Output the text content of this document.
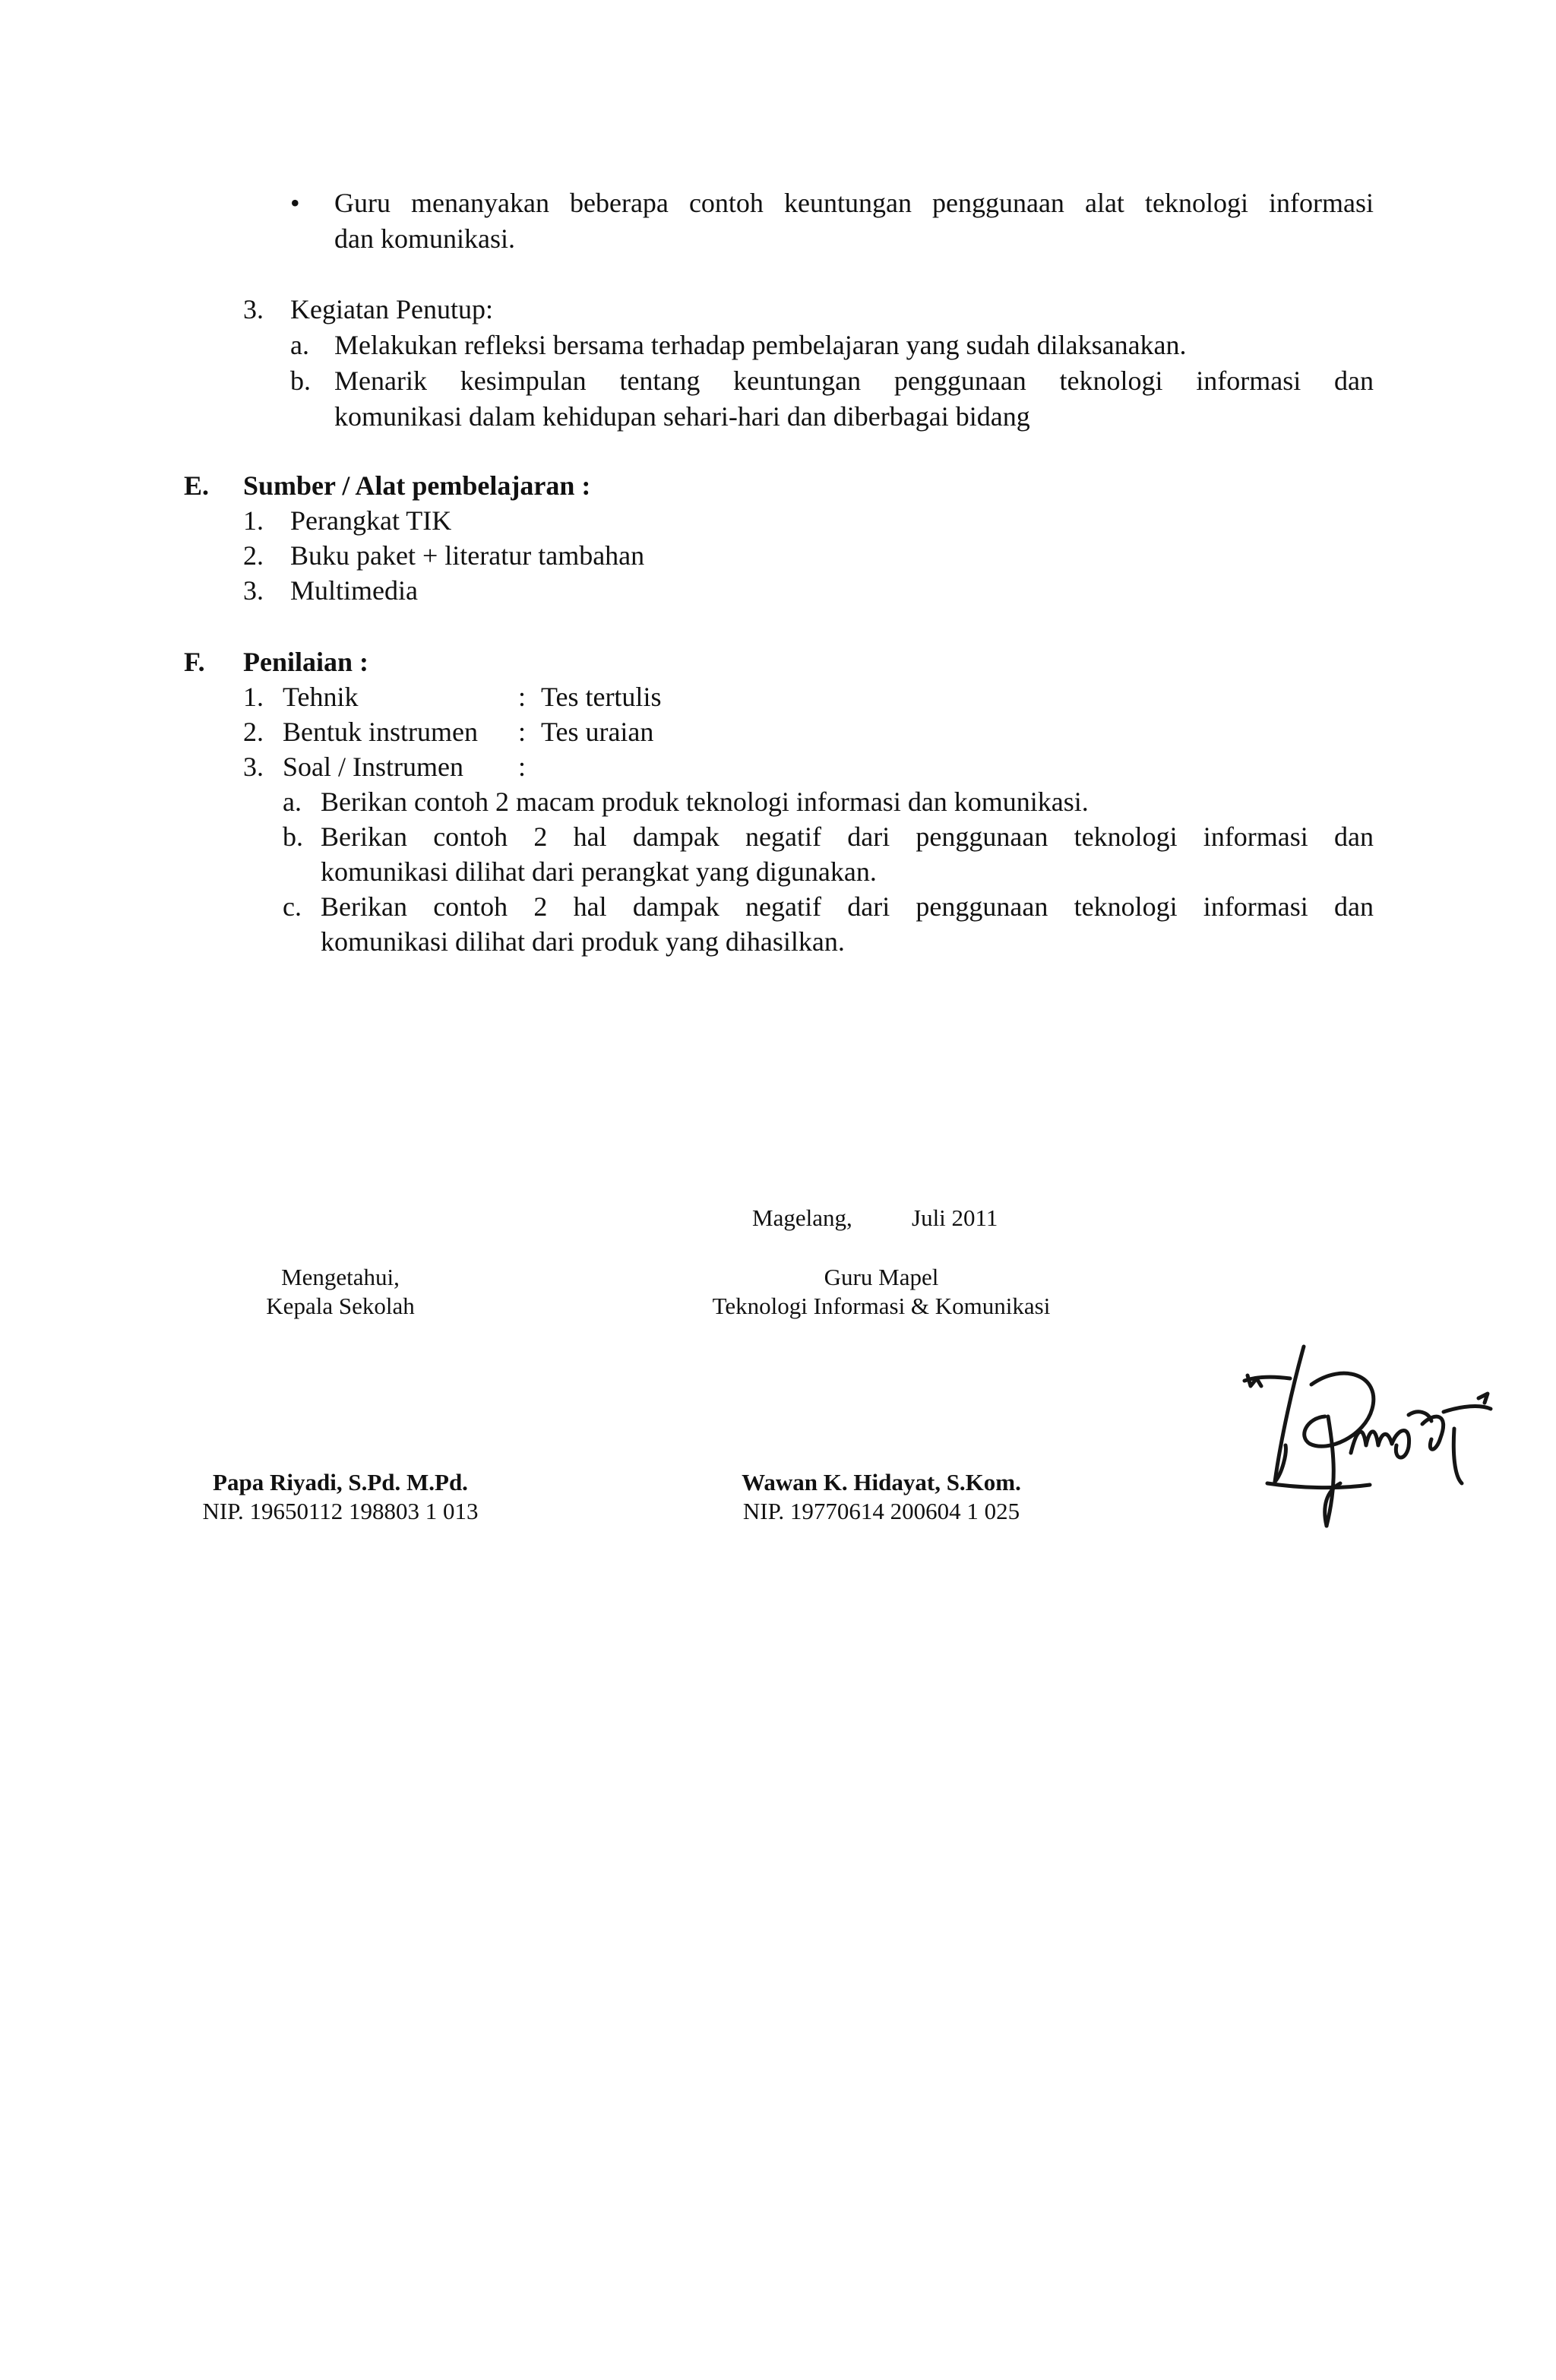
• Guru menanyakan beberapa contoh keuntungan penggunaan alat teknologi informasi
dan komunikasi.
3. Kegiatan Penutup:
a. Melakukan refleksi bersama terhadap pembelajaran yang sudah dilaksanakan.
b. Menarik kesimpulan tentang keuntungan penggunaan teknologi informasi dan
komunikasi dalam kehidupan sehari-hari dan diberbagai bidang
E. Sumber / Alat pembelajaran :
1. Perangkat TIK
2. Buku paket + literatur tambahan
3. Multimedia
F. Penilaian :
1. Tehnik	: Tes tertulis
2. Bentuk instrumen : Tes uraian
3. Soal / Instrumen :
a. Berikan contoh 2 macam produk teknologi informasi dan komunikasi.
b. Berikan contoh 2 hal dampak negatif dari penggunaan teknologi informasi dan
komunikasi dilihat dari perangkat yang digunakan.
c. Berikan contoh 2 hal dampak negatif dari penggunaan teknologi informasi dan
komunikasi dilihat dari produk yang dihasilkan.
Magelang,	Juli 2011
Mengetahui,
Kepala Sekolah
Guru Mapel
Teknologi Informasi & Komunikasi
Papa Riyadi, S.Pd. M.Pd.
NIP. 19650112 198803 1 013
Wawan K. Hidayat, S.Kom.
NIP. 19770614 200604 1 025
